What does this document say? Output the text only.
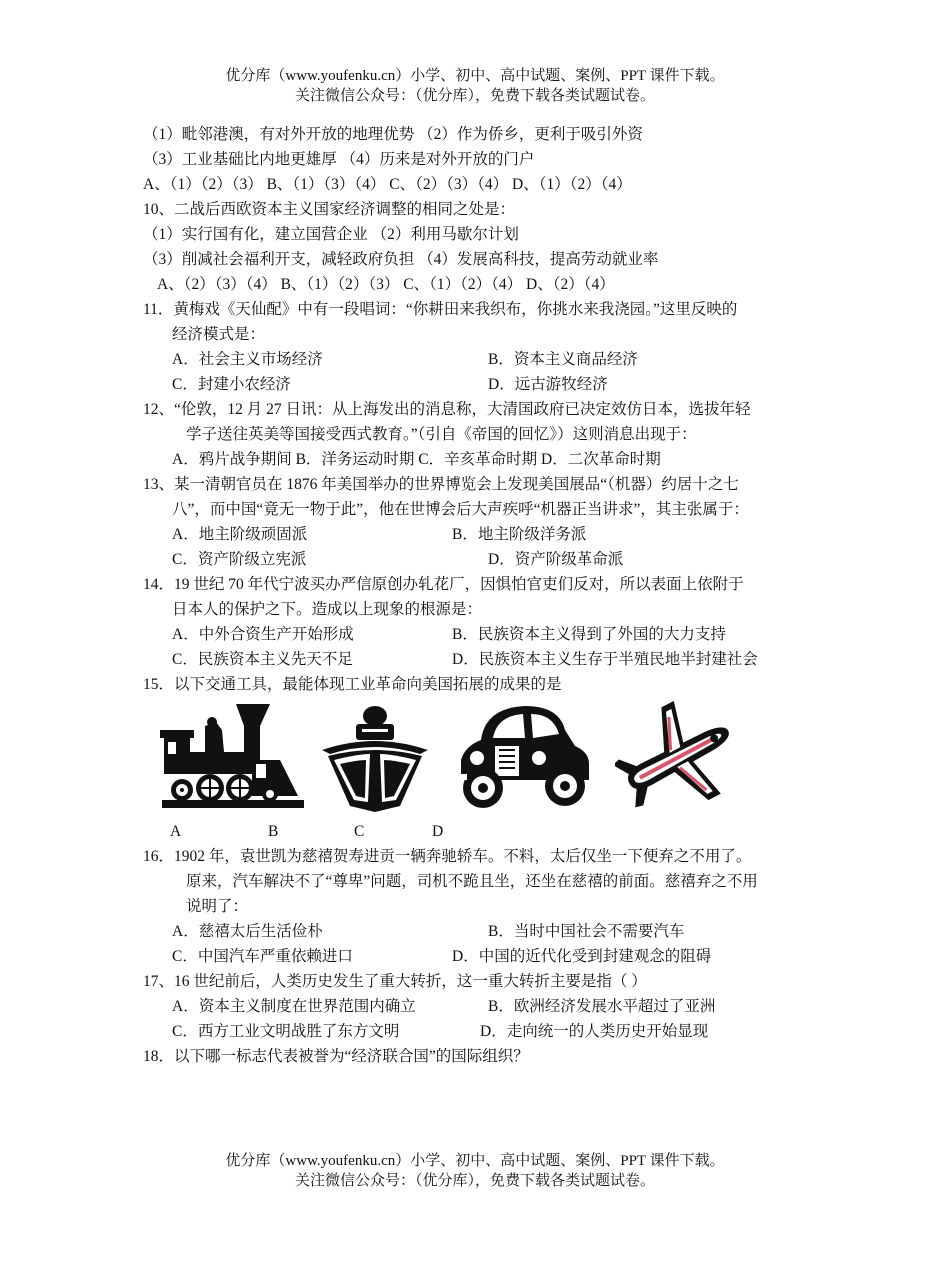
优分库（www.youfenku.cn）小学、初中、高中试题、案例、PPT 课件下载。
关注微信公众号：（优分库），免费下载各类试题试卷。
（1）毗邻港澳，有对外开放的地理优势 （2）作为侨乡，更利于吸引外资
（3）工业基础比内地更雄厚 （4）历来是对外开放的门户
A、（1）（2）（3） B、（1）（3）（4） C、（2）（3）（4） D、（1）（2）（4）
10、二战后西欧资本主义国家经济调整的相同之处是：
（1）实行国有化，建立国营企业 （2）利用马歇尔计划
（3）削减社会福利开支，减轻政府负担 （4）发展高科技，提高劳动就业率
A、（2）（3）（4） B、（1）（2）（3） C、（1）（2）（4） D、（2）（4）
11．黄梅戏《天仙配》中有一段唱词：“你耕田来我织布，你挑水来我浇园。”这里反映的
经济模式是：
A．社会主义市场经济	B．资本主义商品经济
C．封建小农经济	D．远古游牧经济
12、“伦敦，12 月 27 日讯：从上海发出的消息称，大清国政府已决定效仿日本，选拔年轻
学子送往英美等国接受西式教育。”（引自《帝国的回忆》）这则消息出现于：
A．鸦片战争期间 B．洋务运动时期 C．辛亥革命时期 D．二次革命时期
13、某一清朝官员在 1876 年美国举办的世界博览会上发现美国展品“（机器）约居十之七
八”，而中国“竟无一物于此”，他在世博会后大声疾呼“机器正当讲求”，其主张属于：
A．地主阶级顽固派	B．地主阶级洋务派
C．资产阶级立宪派	D．资产阶级革命派
14．19 世纪 70 年代宁波买办严信原创办轧花厂，因惧怕官吏们反对，所以表面上依附于
日本人的保护之下。造成以上现象的根源是：
A．中外合资生产开始形成	B．民族资本主义得到了外国的大力支持
C．民族资本主义先天不足	D．民族资本主义生存于半殖民地半封建社会
15．以下交通工具，最能体现工业革命向美国拓展的成果的是
A	B	C	D
16．1902 年，袁世凯为慈禧贺寿进贡一辆奔驰轿车。不料，太后仅坐一下便弃之不用了。
原来，汽车解决不了“尊卑”问题，司机不跪且坐，还坐在慈禧的前面。慈禧弃之不用
说明了：
A．慈禧太后生活俭朴	B．当时中国社会不需要汽车
C．中国汽车严重依赖进口	D．中国的近代化受到封建观念的阻碍
17、16 世纪前后，人类历史发生了重大转折，这一重大转折主要是指（ ）
A．资本主义制度在世界范围内确立	B．欧洲经济发展水平超过了亚洲
C．西方工业文明战胜了东方文明	D．走向统一的人类历史开始显现
18．以下哪一标志代表被誉为“经济联合国”的国际组织？
优分库（www.youfenku.cn）小学、初中、高中试题、案例、PPT 课件下载。
关注微信公众号：（优分库），免费下载各类试题试卷。
